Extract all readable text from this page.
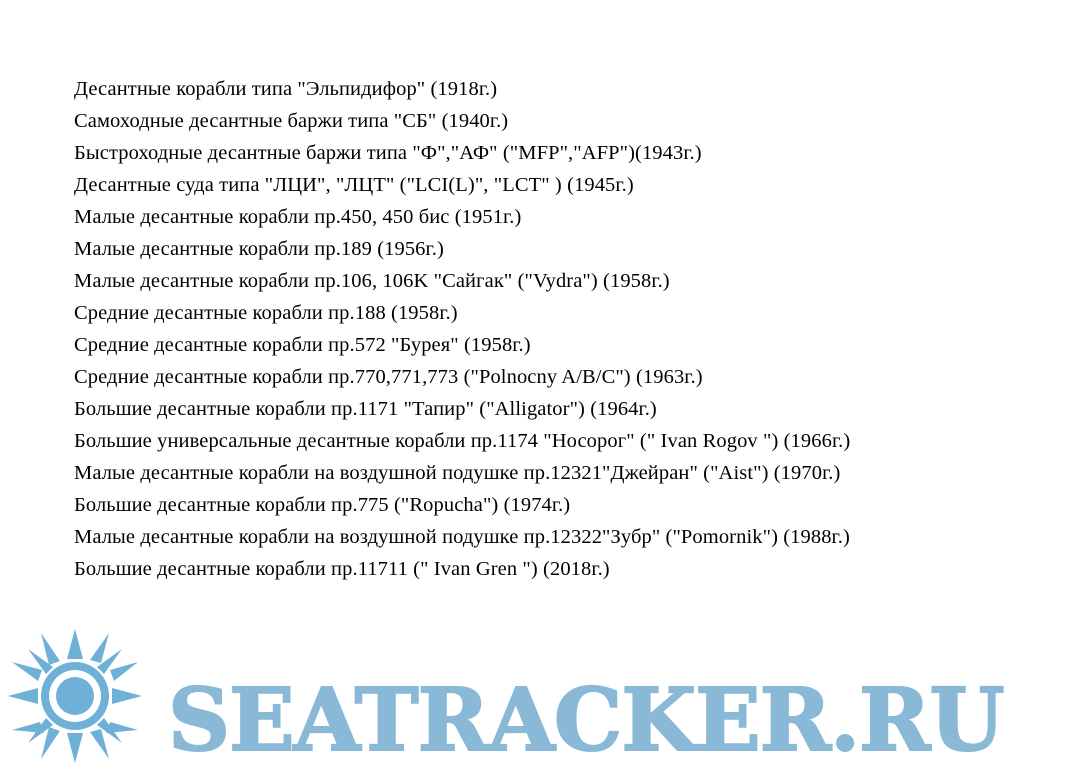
Десантные корабли типа "Эльпидифор" (1918г.)

Самоходные десантные баржи типа "СБ" (1940г.)

Быстроходные десантные баржи типа "Ф","АФ" ("MFP","AFP")(1943г.)

Десантные суда типа "ЛЦИ", "ЛЦТ" ("LCI(L)", "LCT" ) (1945г.)

Малые десантные корабли пр.450, 450 бис (1951г.)

Малые десантные корабли пр.189 (1956г.)

Малые десантные корабли пр.106, 106K "Сайгак" ("Vydra") (1958г.)

Средние десантные корабли пр.188 (1958г.)

Средние десантные корабли пр.572 "Бурея" (1958г.)

Средние десантные корабли пр.770,771,773 ("Polnocny A/B/C") (1963г.)

Большие десантные корабли пр.1171 "Тапир" ("Alligator") (1964г.)

Большие универсальные десантные корабли пр.1174 "Носорог" (" Ivan Rogov ") (1966г.)

Малые десантные корабли на воздушной подушке пр.12321"Джейран" ("Aist") (1970г.)

Большие десантные корабли пр.775 ("Ropucha") (1974г.)

Малые десантные корабли на воздушной подушке пр.12322"Зубр" ("Pomornik") (1988г.)

Большие десантные корабли пр.11711 (" Ivan Gren ") (2018г.)

SEATRACKER.RU
